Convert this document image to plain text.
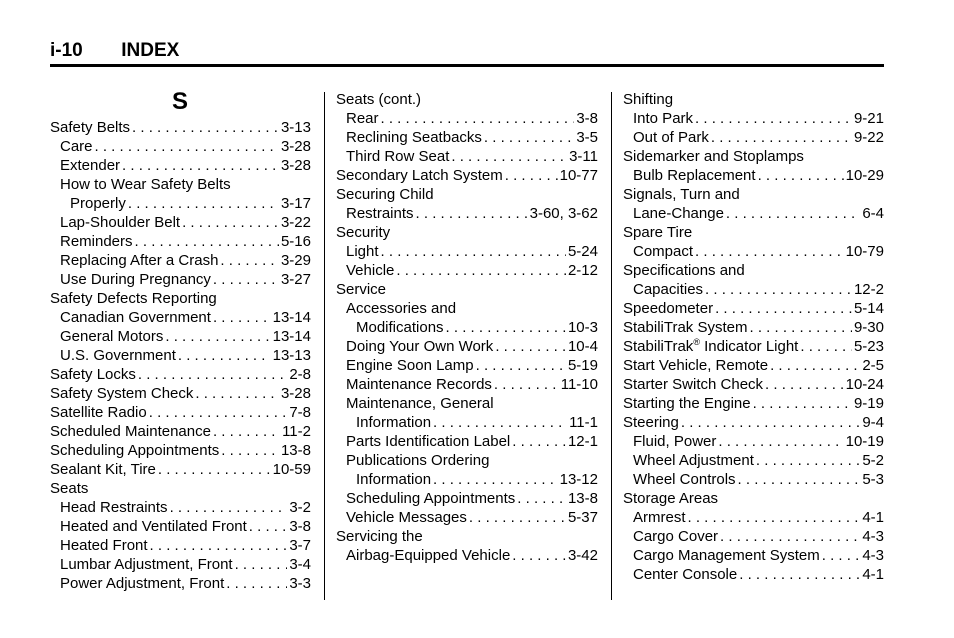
i-10 INDEX
S
Safety Belts . . .	3-13
Care . . .	3-28
Extender . . .	3-28
How to Wear Safety Belts
Properly . . .	3-17
Lap-Shoulder Belt . . .	3-22
Reminders . . .	5-16
Replacing After a Crash . . .	3-29
Use During Pregnancy . . .	3-27
Safety Defects Reporting
Canadian Government . . .	13-14
General Motors . . .	13-14
U.S. Government . . .	13-13
Safety Locks . . .	2-8
Safety System Check . . .	3-28
Satellite Radio . . .	7-8
Scheduled Maintenance . . .	11-2
Scheduling Appointments . . .	13-8
Sealant Kit, Tire . . .	10-59
Seats
Head Restraints . . .	3-2
Heated and Ventilated Front . . .	3-8
Heated Front . . .	3-7
Lumbar Adjustment, Front . . .	3-4
Power Adjustment, Front . . .	3-3
Seats (cont.)
Rear . . .	3-8
Reclining Seatbacks . . .	3-5
Third Row Seat . . .	3-11
Secondary Latch System . . .	10-77
Securing Child
Restraints . . .	3-60, 3-62
Security
Light . . .	5-24
Vehicle . . .	2-12
Service
Accessories and
Modifications . . .	10-3
Doing Your Own Work . . .	10-4
Engine Soon Lamp . . .	5-19
Maintenance Records . . .	11-10
Maintenance, General
Information . . .	11-1
Parts Identification Label . . .	12-1
Publications Ordering
Information . . .	13-12
Scheduling Appointments . . .	13-8
Vehicle Messages . . .	5-37
Servicing the
Airbag-Equipped Vehicle . . .	3-42
Shifting
Into Park . . .	9-21
Out of Park . . .	9-22
Sidemarker and Stoplamps
Bulb Replacement . . .	10-29
Signals, Turn and
Lane-Change . . .	6-4
Spare Tire
Compact . . .	10-79
Specifications and
Capacities . . .	12-2
Speedometer . . .	5-14
StabiliTrak System . . .	9-30
StabiliTrak® Indicator Light . . .	5-23
Start Vehicle, Remote . . .	2-5
Starter Switch Check . . .	10-24
Starting the Engine . . .	9-19
Steering . . .	9-4
Fluid, Power . . .	10-19
Wheel Adjustment . . .	5-2
Wheel Controls . . .	5-3
Storage Areas
Armrest . . .	4-1
Cargo Cover . . .	4-3
Cargo Management System . . .	4-3
Center Console . . .	4-1
